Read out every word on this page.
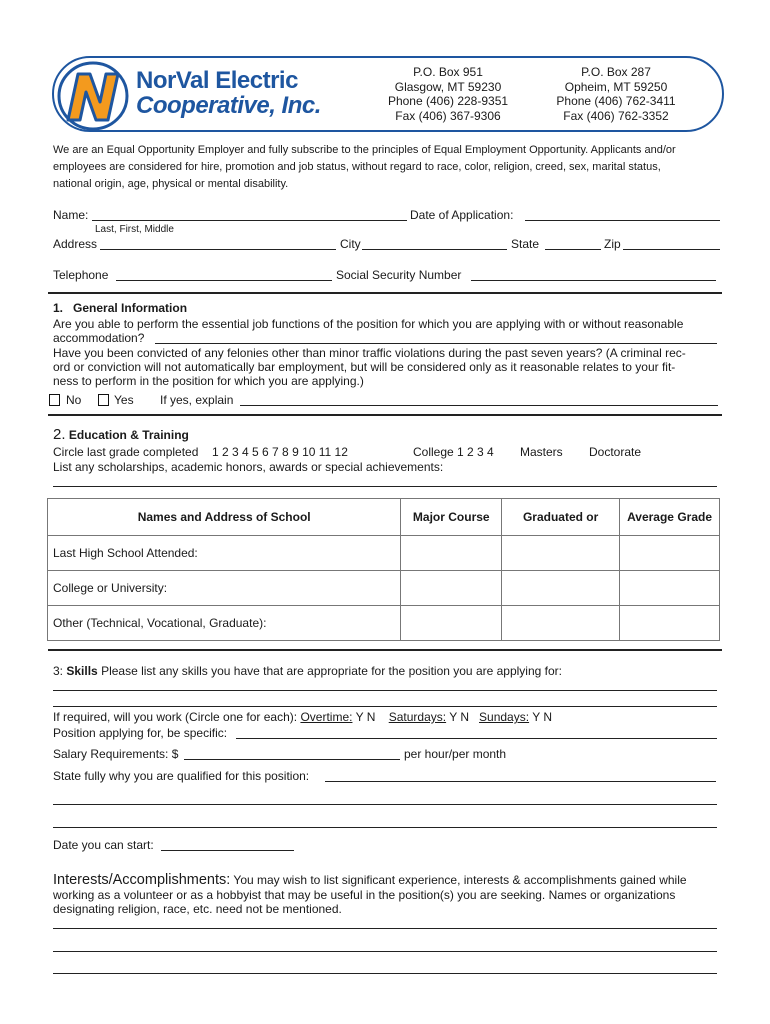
NorVal Electric
Cooperative, Inc.
P.O. Box 951
Glasgow, MT 59230
Phone (406) 228-9351
Fax (406) 367-9306
P.O. Box 287
Opheim, MT 59250
Phone (406) 762-3411
Fax (406) 762-3352
We are an Equal Opportunity Employer and fully subscribe to the principles of Equal Employment Opportunity. Applicants and/or
employees are considered for hire, promotion and job status, without regard to race, color, religion, creed, sex, marital status,
national origin, age, physical or mental disability.
Name:	Date of Application:
Last, First, Middle
Address	City	State	Zip
Telephone	Social Security Number
1. General Information
Are you able to perform the essential job functions of the position for which you are applying with or without reasonable
accommodation?
Have you been convicted of any felonies other than minor traffic violations during the past seven years? (A criminal rec-
ord or conviction will not automatically bar employment, but will be considered only as it reasonable relates to your fit-
ness to perform in the position for which you are applying.)
No	Yes If yes, explain
2. Education & Training
Circle last grade completed 1 2 3 4 5 6 7 8 9 10 11 12	College 1 2 3 4 Masters Doctorate
List any scholarships, academic honors, awards or special achievements:
Names and Address of School	Major Course	Graduated or	Average Grade
Last High School Attended:			
College or University:			
Other (Technical, Vocational, Graduate):			
3: Skills Please list any skills you have that are appropriate for the position you are applying for:
If required, will you work (Circle one for each): Overtime: Y N Saturdays: Y N Sundays: Y N
Position applying for, be specific:
Salary Requirements: $	per hour/per month
State fully why you are qualified for this position:
Date you can start:
Interests/Accomplishments: You may wish to list significant experience, interests & accomplishments gained while
working as a volunteer or as a hobbyist that may be useful in the position(s) you are seeking. Names or organizations
designating religion, race, etc. need not be mentioned.
